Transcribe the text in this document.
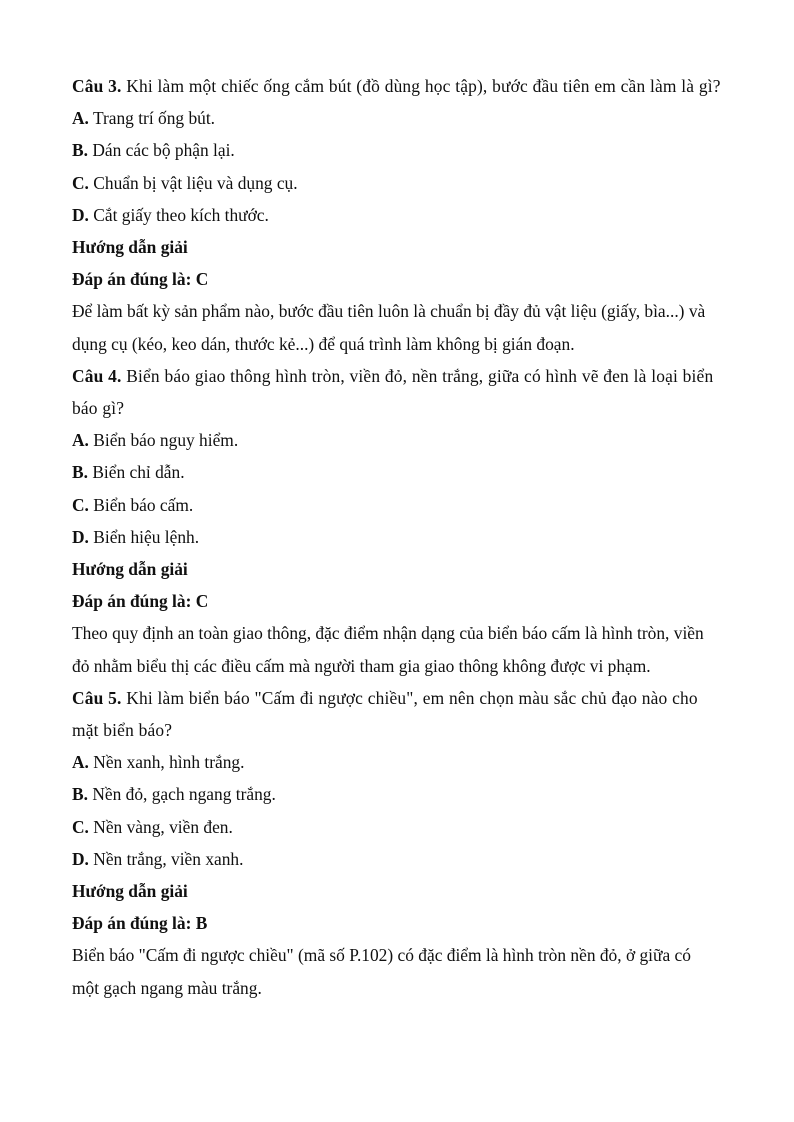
Câu 3. Khi làm một chiếc ống cắm bút (đồ dùng học tập), bước đầu tiên em cần làm là gì?

A. Trang trí ống bút.

B. Dán các bộ phận lại.

C. Chuẩn bị vật liệu và dụng cụ.

D. Cắt giấy theo kích thước.

Hướng dẫn giải

Đáp án đúng là: C

Để làm bất kỳ sản phẩm nào, bước đầu tiên luôn là chuẩn bị đầy đủ vật liệu (giấy, bìa...) và dụng cụ (kéo, keo dán, thước kẻ...) để quá trình làm không bị gián đoạn.

Câu 4. Biển báo giao thông hình tròn, viền đỏ, nền trắng, giữa có hình vẽ đen là loại biển báo gì?

A. Biển báo nguy hiểm.

B. Biển chỉ dẫn.

C. Biển báo cấm.

D. Biển hiệu lệnh.

Hướng dẫn giải

Đáp án đúng là: C

Theo quy định an toàn giao thông, đặc điểm nhận dạng của biển báo cấm là hình tròn, viền đỏ nhằm biểu thị các điều cấm mà người tham gia giao thông không được vi phạm.

Câu 5. Khi làm biển báo "Cấm đi ngược chiều", em nên chọn màu sắc chủ đạo nào cho mặt biển báo?

A. Nền xanh, hình trắng.

B. Nền đỏ, gạch ngang trắng.

C. Nền vàng, viền đen.

D. Nền trắng, viền xanh.

Hướng dẫn giải

Đáp án đúng là: B

Biển báo "Cấm đi ngược chiều" (mã số P.102) có đặc điểm là hình tròn nền đỏ, ở giữa có một gạch ngang màu trắng.
